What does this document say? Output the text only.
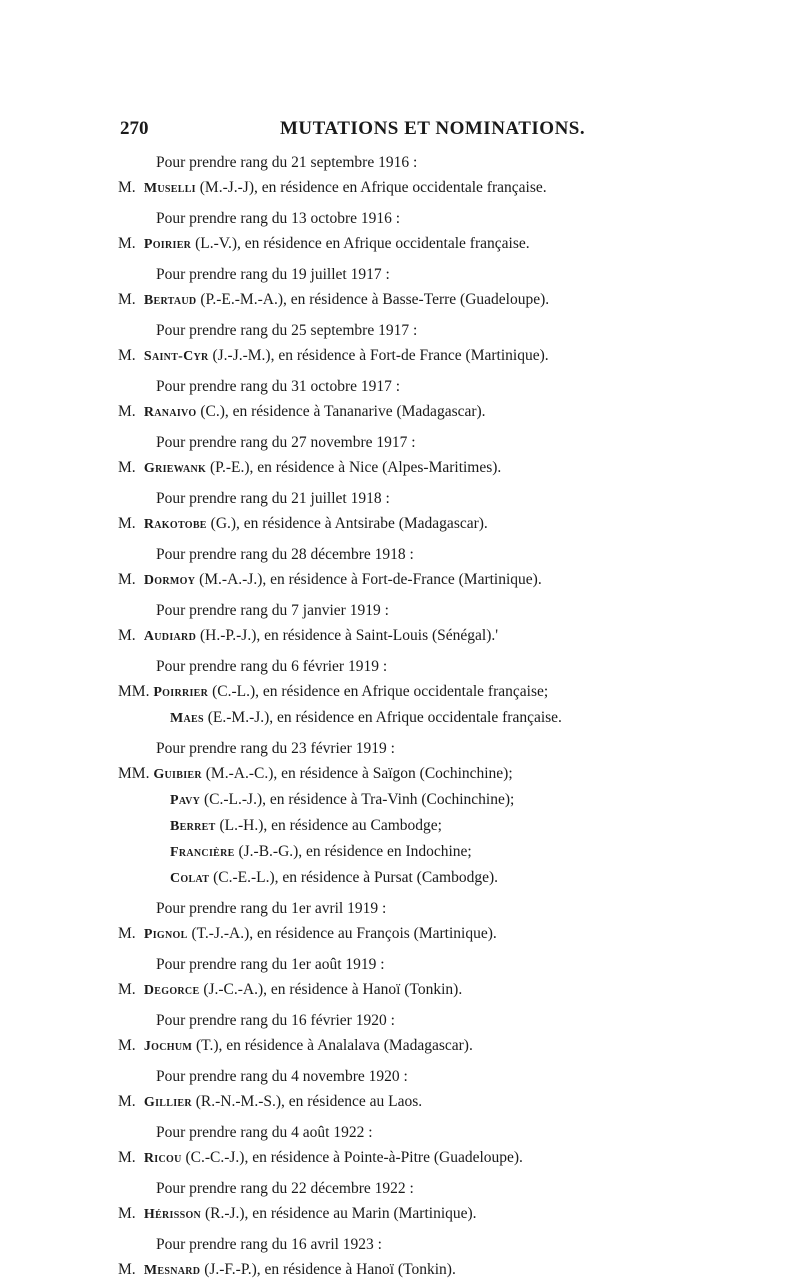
270	MUTATIONS ET NOMINATIONS.
Pour prendre rang du 21 septembre 1916 :
M. Muselli (M.-J.-J), en résidence en Afrique occidentale française.
Pour prendre rang du 13 octobre 1916 :
M. Poirier (L.-V.), en résidence en Afrique occidentale française.
Pour prendre rang du 19 juillet 1917 :
M. Bertaud (P.-E.-M.-A.), en résidence à Basse-Terre (Guadeloupe).
Pour prendre rang du 25 septembre 1917 :
M. Saint-Cyr (J.-J.-M.), en résidence à Fort-de France (Martinique).
Pour prendre rang du 31 octobre 1917 :
M. Ranaivo (C.), en résidence à Tananarive (Madagascar).
Pour prendre rang du 27 novembre 1917 :
M. Griewank (P.-E.), en résidence à Nice (Alpes-Maritimes).
Pour prendre rang du 21 juillet 1918 :
M. Rakotobe (G.), en résidence à Antsirabe (Madagascar).
Pour prendre rang du 28 décembre 1918 :
M. Dormoy (M.-A.-J.), en résidence à Fort-de-France (Martinique).
Pour prendre rang du 7 janvier 1919 :
M. Audiard (H.-P.-J.), en résidence à Saint-Louis (Sénégal).'
Pour prendre rang du 6 février 1919 :
MM. Poirrier (C.-L.), en résidence en Afrique occidentale française;
Maes (E.-M.-J.), en résidence en Afrique occidentale française.
Pour prendre rang du 23 février 1919 :
MM. Guibier (M.-A.-C.), en résidence à Saïgon (Cochinchine);
Pavy (C.-L.-J.), en résidence à Tra-Vinh (Cochinchine);
Berret (L.-H.), en résidence au Cambodge;
Francière (J.-B.-G.), en résidence en Indochine;
Colat (C.-E.-L.), en résidence à Pursat (Cambodge).
Pour prendre rang du 1er avril 1919 :
M. Pignol (T.-J.-A.), en résidence au François (Martinique).
Pour prendre rang du 1er août 1919 :
M. Degorce (J.-C.-A.), en résidence à Hanoï (Tonkin).
Pour prendre rang du 16 février 1920 :
M. Jochum (T.), en résidence à Analalava (Madagascar).
Pour prendre rang du 4 novembre 1920 :
M. Gillier (R.-N.-M.-S.), en résidence au Laos.
Pour prendre rang du 4 août 1922 :
M. Ricou (C.-C.-J.), en résidence à Pointe-à-Pitre (Guadeloupe).
Pour prendre rang du 22 décembre 1922 :
M. Hérisson (R.-J.), en résidence au Marin (Martinique).
Pour prendre rang du 16 avril 1923 :
M. Mesnard (J.-F.-P.), en résidence à Hanoï (Tonkin).
